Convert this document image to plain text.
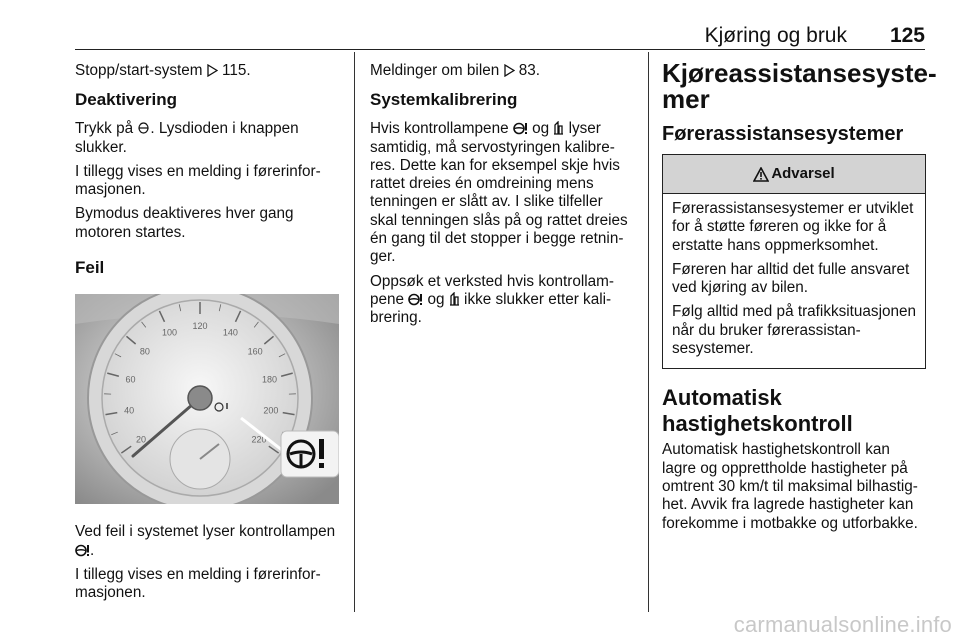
Kjøring og bruk 125

Stopp/start-system 115.

Deaktivering

Trykk på . Lysdioden i knappen slukker.

I tillegg vises en melding i førerinformasjonen.

Bymodus deaktiveres hver gang motoren startes.

Feil
20
40
60
80
100
120
140
160
180
200
220

Ved feil i systemet lyser kontrollampen .

I tillegg vises en melding i førerinformasjonen.

Meldinger om bilen 83.

Systemkalibrering

Hvis kontrollampene og lyser samtidig, må servostyringen kalibreres. Dette kan for eksempel skje hvis rattet dreies én omdreining mens tenningen er slått av. I slike tilfeller skal tenningen slås på og rattet dreies én gang til det stopper i begge retninger.

Oppsøk et verksted hvis kontrollampene og ikke slukker etter kalibrering.

Kjøreassistansesystemer
Førerassistansesystemer
Advarsel

Førerassistansesystemer er utviklet for å støtte føreren og ikke for å erstatte hans oppmerksomhet.

Føreren har alltid det fulle ansvaret ved kjøring av bilen.

Følg alltid med på trafikksituasjonen når du bruker førerassistansesystemer.

Automatisk
hastighetskontroll

Automatisk hastighetskontroll kan lagre og opprettholde hastigheter på omtrent 30 km/t til maksimal bilhastighet. Avvik fra lagrede hastigheter kan forekomme i motbakke og utforbakke.

carmanualsonline.info
